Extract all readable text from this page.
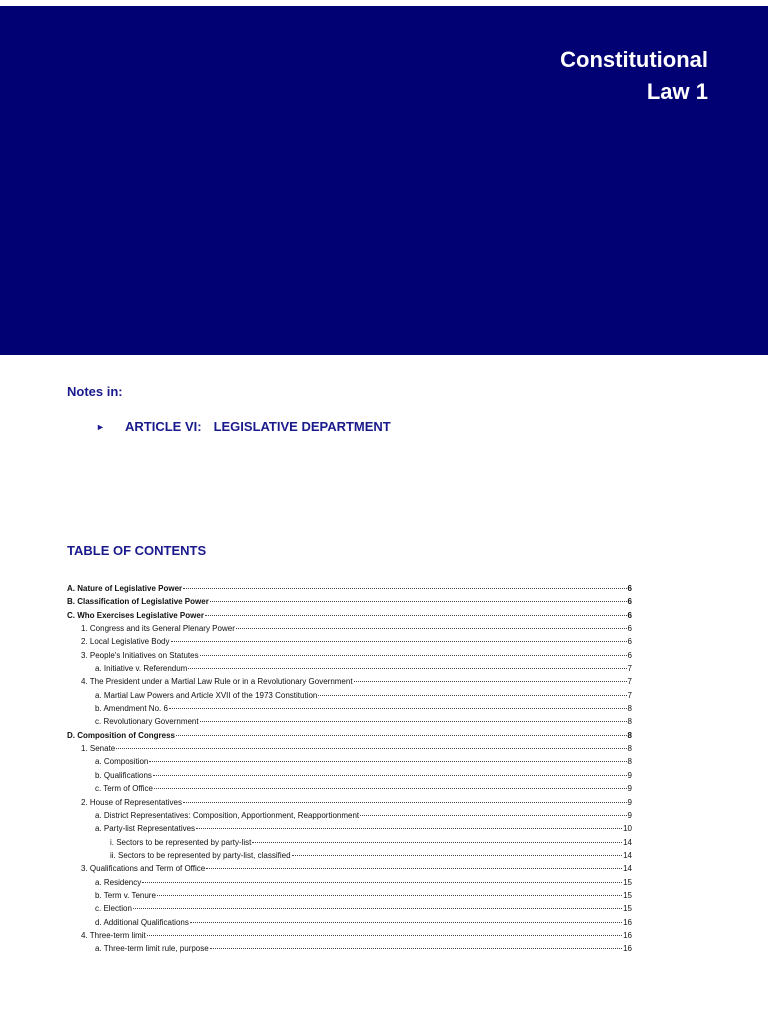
Constitutional
Law 1
Notes in:
►	ARTICLE VI: LEGISLATIVE DEPARTMENT
TABLE OF CONTENTS
A. Nature of Legislative Power	6
B. Classification of Legislative Power	6
C. Who Exercises Legislative Power	6
1. Congress and its General Plenary Power	6
2. Local Legislative Body	6
3. People's Initiatives on Statutes	6
a. Initiative v. Referendum	7
4. The President under a Martial Law Rule or in a Revolutionary Government	7
a. Martial Law Powers and Article XVII of the 1973 Constitution	7
b. Amendment No. 6	8
c. Revolutionary Government	8
D. Composition of Congress	8
1. Senate	8
a. Composition	8
b. Qualifications	9
c. Term of Office	9
2. House of Representatives	9
a. District Representatives: Composition, Apportionment, Reapportionment	9
a. Party-list Representatives	10
i. Sectors to be represented by party-list	14
ii. Sectors to be represented by party-list, classified	14
3. Qualifications and Term of Office	14
a. Residency	15
b. Term v. Tenure	15
c. Election	15
d. Additional Qualifications	16
4. Three-term limit	16
a. Three-term limit rule, purpose	16
